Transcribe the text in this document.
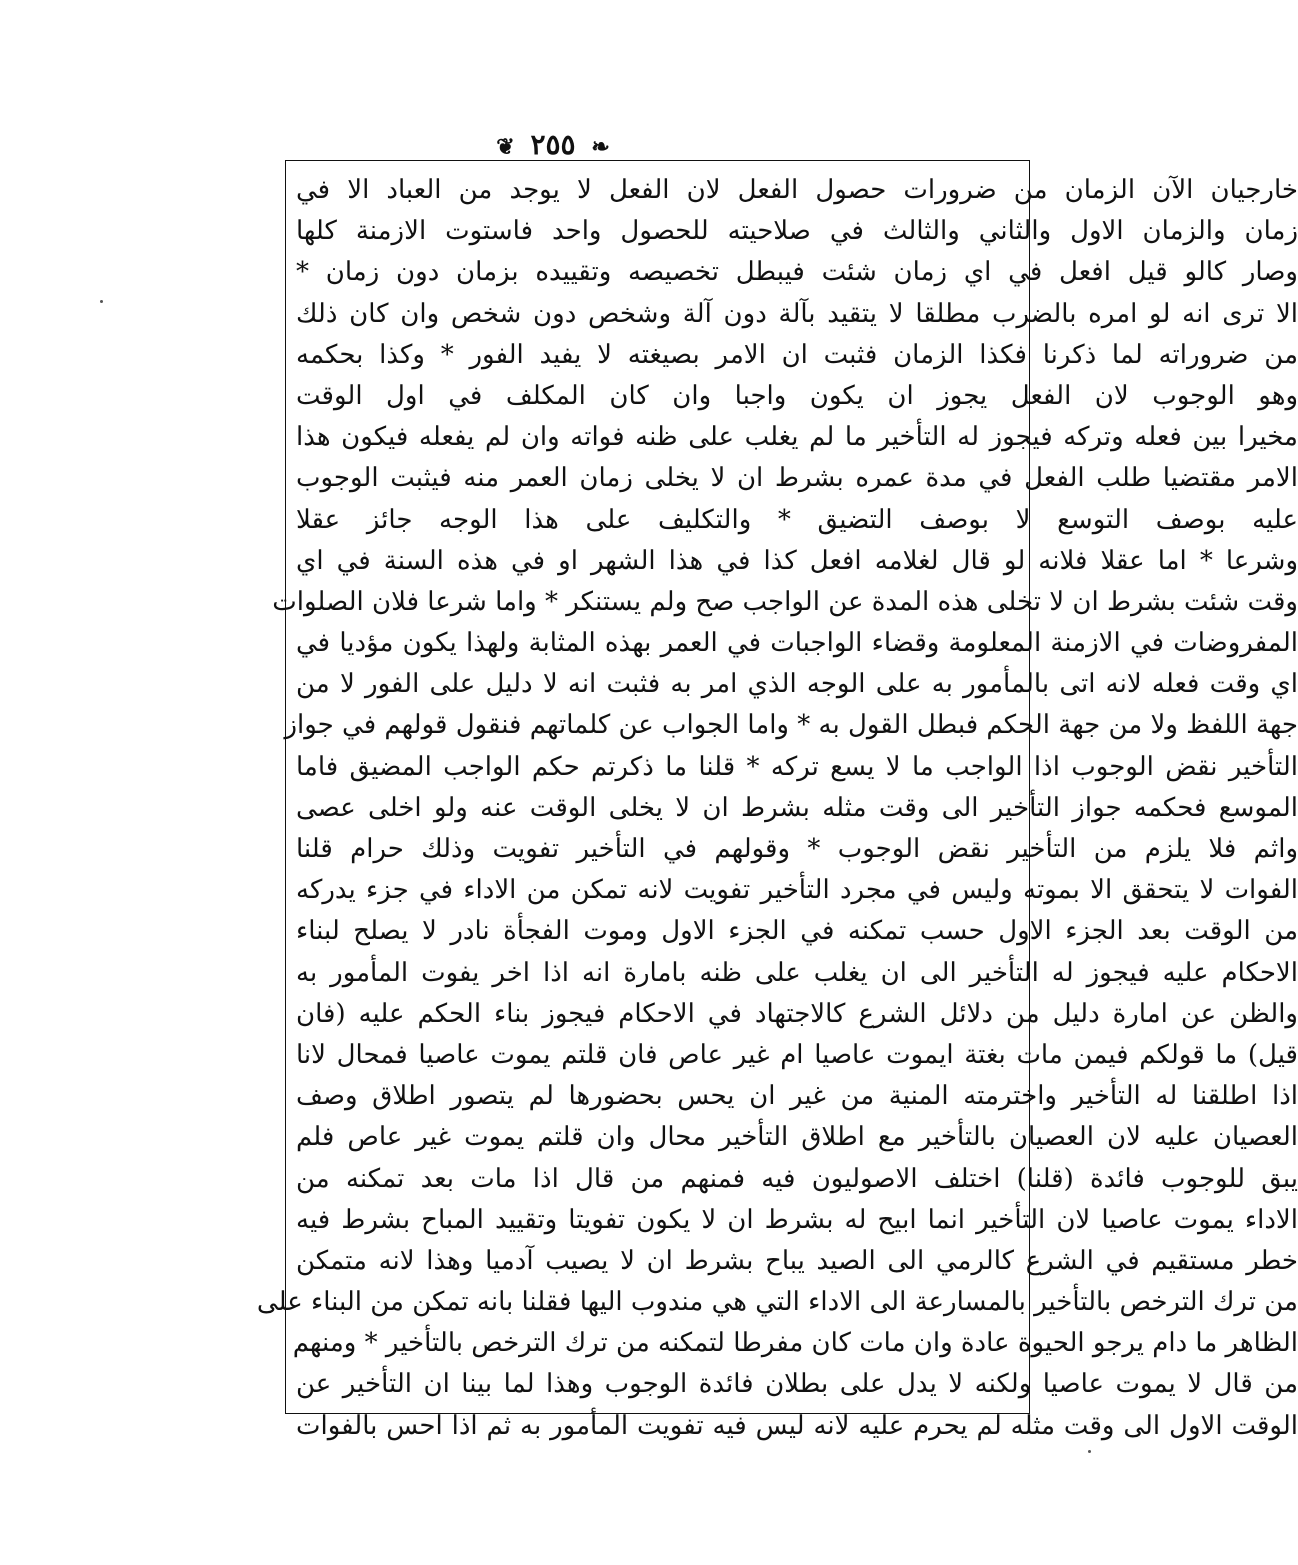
❦ ٢٥٥ ❧
خارجيان الآن الزمان من ضرورات حصول الفعل لان الفعل لا يوجد من العباد الا في
زمان والزمان الاول والثاني والثالث في صلاحيته للحصول واحد فاستوت الازمنة كلها
وصار كالو قيل افعل في اي زمان شئت فيبطل تخصيصه وتقييده بزمان دون زمان *
الا ترى انه لو امره بالضرب مطلقا لا يتقيد بآلة دون آلة وشخص دون شخص وان كان ذلك
من ضروراته لما ذكرنا فكذا الزمان فثبت ان الامر بصيغته لا يفيد الفور * وكذا بحكمه
وهو الوجوب لان الفعل يجوز ان يكون واجبا وان كان المكلف في اول الوقت
مخيرا بين فعله وتركه فيجوز له التأخير ما لم يغلب على ظنه فواته وان لم يفعله فيكون هذا
الامر مقتضيا طلب الفعل في مدة عمره بشرط ان لا يخلى زمان العمر منه فيثبت الوجوب
عليه بوصف التوسع لا بوصف التضيق * والتكليف على هذا الوجه جائز عقلا
وشرعا * اما عقلا فلانه لو قال لغلامه افعل كذا في هذا الشهر او في هذه السنة في اي
وقت شئت بشرط ان لا تخلى هذه المدة عن الواجب صح ولم يستنكر * واما شرعا فلان الصلوات
المفروضات في الازمنة المعلومة وقضاء الواجبات في العمر بهذه المثابة ولهذا يكون مؤديا في
اي وقت فعله لانه اتى بالمأمور به على الوجه الذي امر به فثبت انه لا دليل على الفور لا من
جهة اللفظ ولا من جهة الحكم فبطل القول به * واما الجواب عن كلماتهم فنقول قولهم في جواز
التأخير نقض الوجوب اذا الواجب ما لا يسع تركه * قلنا ما ذكرتم حكم الواجب المضيق فاما
الموسع فحكمه جواز التأخير الى وقت مثله بشرط ان لا يخلى الوقت عنه ولو اخلى عصى
واثم فلا يلزم من التأخير نقض الوجوب * وقولهم في التأخير تفويت وذلك حرام قلنا
الفوات لا يتحقق الا بموته وليس في مجرد التأخير تفويت لانه تمكن من الاداء في جزء يدركه
من الوقت بعد الجزء الاول حسب تمكنه في الجزء الاول وموت الفجأة نادر لا يصلح لبناء
الاحكام عليه فيجوز له التأخير الى ان يغلب على ظنه بامارة انه اذا اخر يفوت المأمور به
والظن عن امارة دليل من دلائل الشرع كالاجتهاد في الاحكام فيجوز بناء الحكم عليه (فان
قيل) ما قولكم فيمن مات بغتة ايموت عاصيا ام غير عاص فان قلتم يموت عاصيا فمحال لانا
اذا اطلقنا له التأخير واخترمته المنية من غير ان يحس بحضورها لم يتصور اطلاق وصف
العصيان عليه لان العصيان بالتأخير مع اطلاق التأخير محال وان قلتم يموت غير عاص فلم
يبق للوجوب فائدة (قلنا) اختلف الاصوليون فيه فمنهم من قال اذا مات بعد تمكنه من
الاداء يموت عاصيا لان التأخير انما ابيح له بشرط ان لا يكون تفويتا وتقييد المباح بشرط فيه
خطر مستقيم في الشرع كالرمي الى الصيد يباح بشرط ان لا يصيب آدميا وهذا لانه متمكن
من ترك الترخص بالتأخير بالمسارعة الى الاداء التي هي مندوب اليها فقلنا بانه تمكن من البناء على
الظاهر ما دام يرجو الحيوة عادة وان مات كان مفرطا لتمكنه من ترك الترخص بالتأخير * ومنهم
من قال لا يموت عاصيا ولكنه لا يدل على بطلان فائدة الوجوب وهذا لما بينا ان التأخير عن
الوقت الاول الى وقت مثله لم يحرم عليه لانه ليس فيه تفويت المأمور به ثم اذا احس بالفوات
